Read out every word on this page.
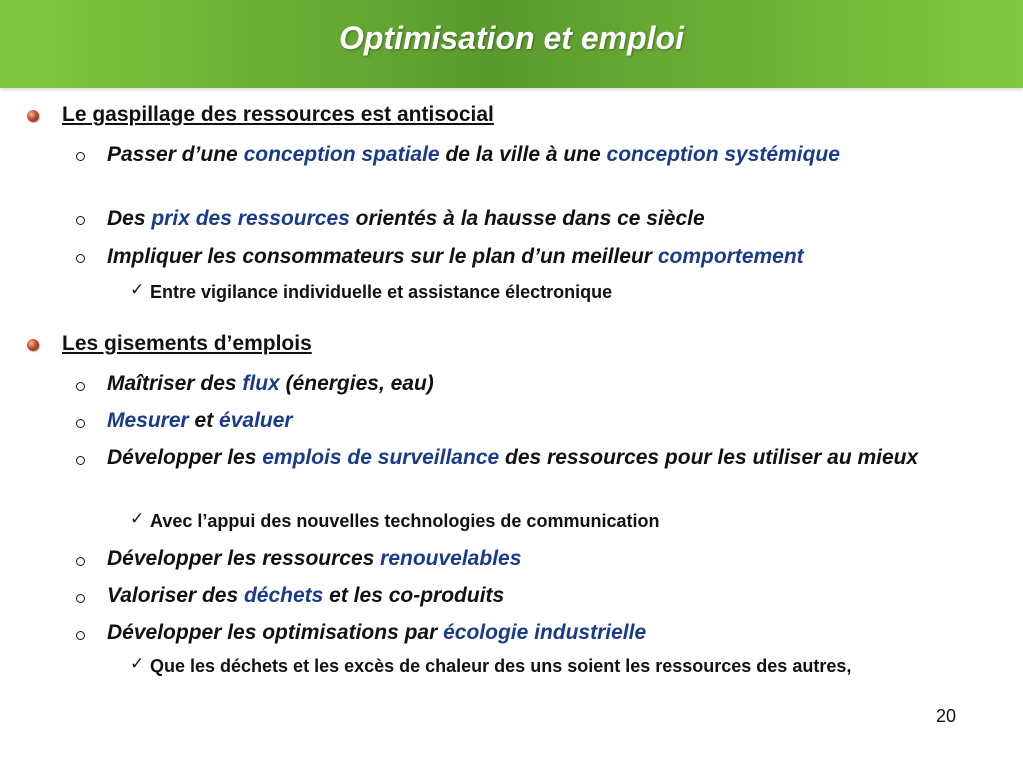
Optimisation et emploi
Le gaspillage des ressources est antisocial
Passer d’une conception spatiale de la ville à une conception systémique
Des prix des ressources orientés à la hausse dans ce siècle
Impliquer les consommateurs sur le plan d’un meilleur comportement
✓ Entre vigilance individuelle et assistance électronique
Les gisements d’emplois
Maîtriser des flux (énergies, eau)
Mesurer et évaluer
Développer les emplois de surveillance des ressources pour les utiliser au mieux
✓ Avec l’appui des nouvelles technologies de communication
Développer les ressources renouvelables
Valoriser des déchets et les co-produits
Développer les optimisations par écologie industrielle
✓ Que les déchets et les excès de chaleur des uns soient les ressources des autres,
20
